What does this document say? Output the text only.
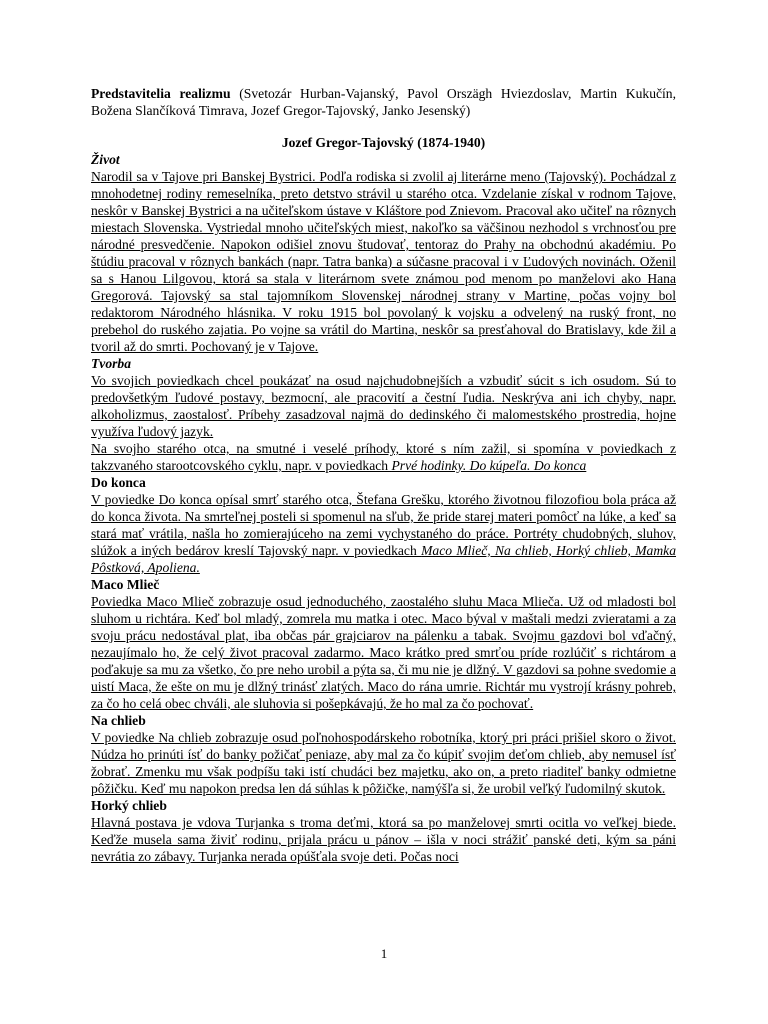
Predstavitelia realizmu (Svetozár Hurban-Vajanský, Pavol Orszägh Hviezdoslav, Martin Kukučín, Božena Slančíková Timrava, Jozef Gregor-Tajovský, Janko Jesenský)

Jozef Gregor-Tajovský (1874-1940)

Život

Narodil sa v Tajove pri Banskej Bystrici. Podľa rodiska si zvolil aj literárne meno (Tajovský). Pochádzal z mnohodetnej rodiny remeselníka, preto detstvo strávil u starého otca. Vzdelanie získal v rodnom Tajove, neskôr v Banskej Bystrici a na učiteľskom ústave v Kláštore pod Znievom. Pracoval ako učiteľ na rôznych miestach Slovenska. Vystriedal mnoho učiteľských miest, nakoľko sa väčšinou nezhodol s vrchnosťou pre národné presvedčenie. Napokon odišiel znovu študovať, tentoraz do Prahy na obchodnú akadémiu. Po štúdiu pracoval v rôznych bankách (napr. Tatra banka) a súčasne pracoval i v Ľudových novinách. Oženil sa s Hanou Lilgovou, ktorá sa stala v literárnom svete známou pod menom po manželovi ako Hana Gregorová. Tajovský sa stal tajomníkom Slovenskej národnej strany v Martine, počas vojny bol redaktorom Národného hlásnika. V roku 1915 bol povolaný k vojsku a odvelený na ruský front, no prebehol do ruského zajatia. Po vojne sa vrátil do Martina, neskôr sa presťahoval do Bratislavy, kde žil a tvoril až do smrti. Pochovaný je v Tajove.

Tvorba

Vo svojich poviedkach chcel poukázať na osud najchudobnejších a vzbudiť súcit s ich osudom. Sú to predovšetkým ľudové postavy, bezmocní, ale pracovití a čestní ľudia. Neskrýva ani ich chyby, napr. alkoholizmus, zaostalosť. Príbehy zasadzoval najmä do dedinského či malomestského prostredia, hojne využíva ľudový jazyk.

Na svojho starého otca, na smutné i veselé príhody, ktoré s ním zažil, si spomína v poviedkach z takzvaného starootcovského cyklu, napr. v poviedkach Prvé hodinky. Do kúpeľa. Do konca

Do konca

V poviedke Do konca opísal smrť starého otca, Štefana Grešku, ktorého životnou filozofiou bola práca až do konca života. Na smrteľnej posteli si spomenul na sľub, že pride starej materi pomôcť na lúke, a keď sa stará mať vrátila, našla ho zomierajúceho na zemi vychystaného do práce. Portréty chudobných, sluhov, slúžok a iných bedárov kreslí Tajovský napr. v poviedkach Maco Mlieč, Na chlieb, Horký chlieb, Mamka Pôstková, Apoliena.

Maco Mlieč

Poviedka Maco Mlieč zobrazuje osud jednoduchého, zaostalého sluhu Maca Mlieča. Už od mladosti bol sluhom u richtára. Keď bol mladý, zomrela mu matka i otec. Maco býval v maštali medzi zvieratami a za svoju prácu nedostával plat, iba občas pár grajciarov na pálenku a tabak. Svojmu gazdovi bol vďačný, nezaujímalo ho, že celý život pracoval zadarmo. Maco krátko pred smrťou príde rozlúčiť s richtárom a poďakuje sa mu za všetko, čo pre neho urobil a pýta sa, či mu nie je dlžný. V gazdovi sa pohne svedomie a uistí Maca, že ešte on mu je dlžný trinásť zlatých. Maco do rána umrie. Richtár mu vystrojí krásny pohreb, za čo ho celá obec chváli, ale sluhovia si pošepkávajú, že ho mal za čo pochovať.

Na chlieb

V poviedke Na chlieb zobrazuje osud poľnohospodárskeho robotníka, ktorý pri práci prišiel skoro o život. Núdza ho prinúti ísť do banky požičať peniaze, aby mal za čo kúpiť svojim deťom chlieb, aby nemusel ísť žobrať. Zmenku mu však podpíšu taki istí chudáci bez majetku, ako on, a preto riaditeľ banky odmietne pôžičku. Keď mu napokon predsa len dá súhlas k pôžičke, namýšľa si, že urobil veľký ľudomilný skutok.

Horký chlieb

Hlavná postava je vdova Turjanka s troma deťmi, ktorá sa po manželovej smrti ocitla vo veľkej biede. Keďže musela sama živiť rodinu, prijala prácu u pánov – išla v noci strážiť panské deti, kým sa páni nevrátia zo zábavy. Turjanka nerada opúšťala svoje deti. Počas noci

1
